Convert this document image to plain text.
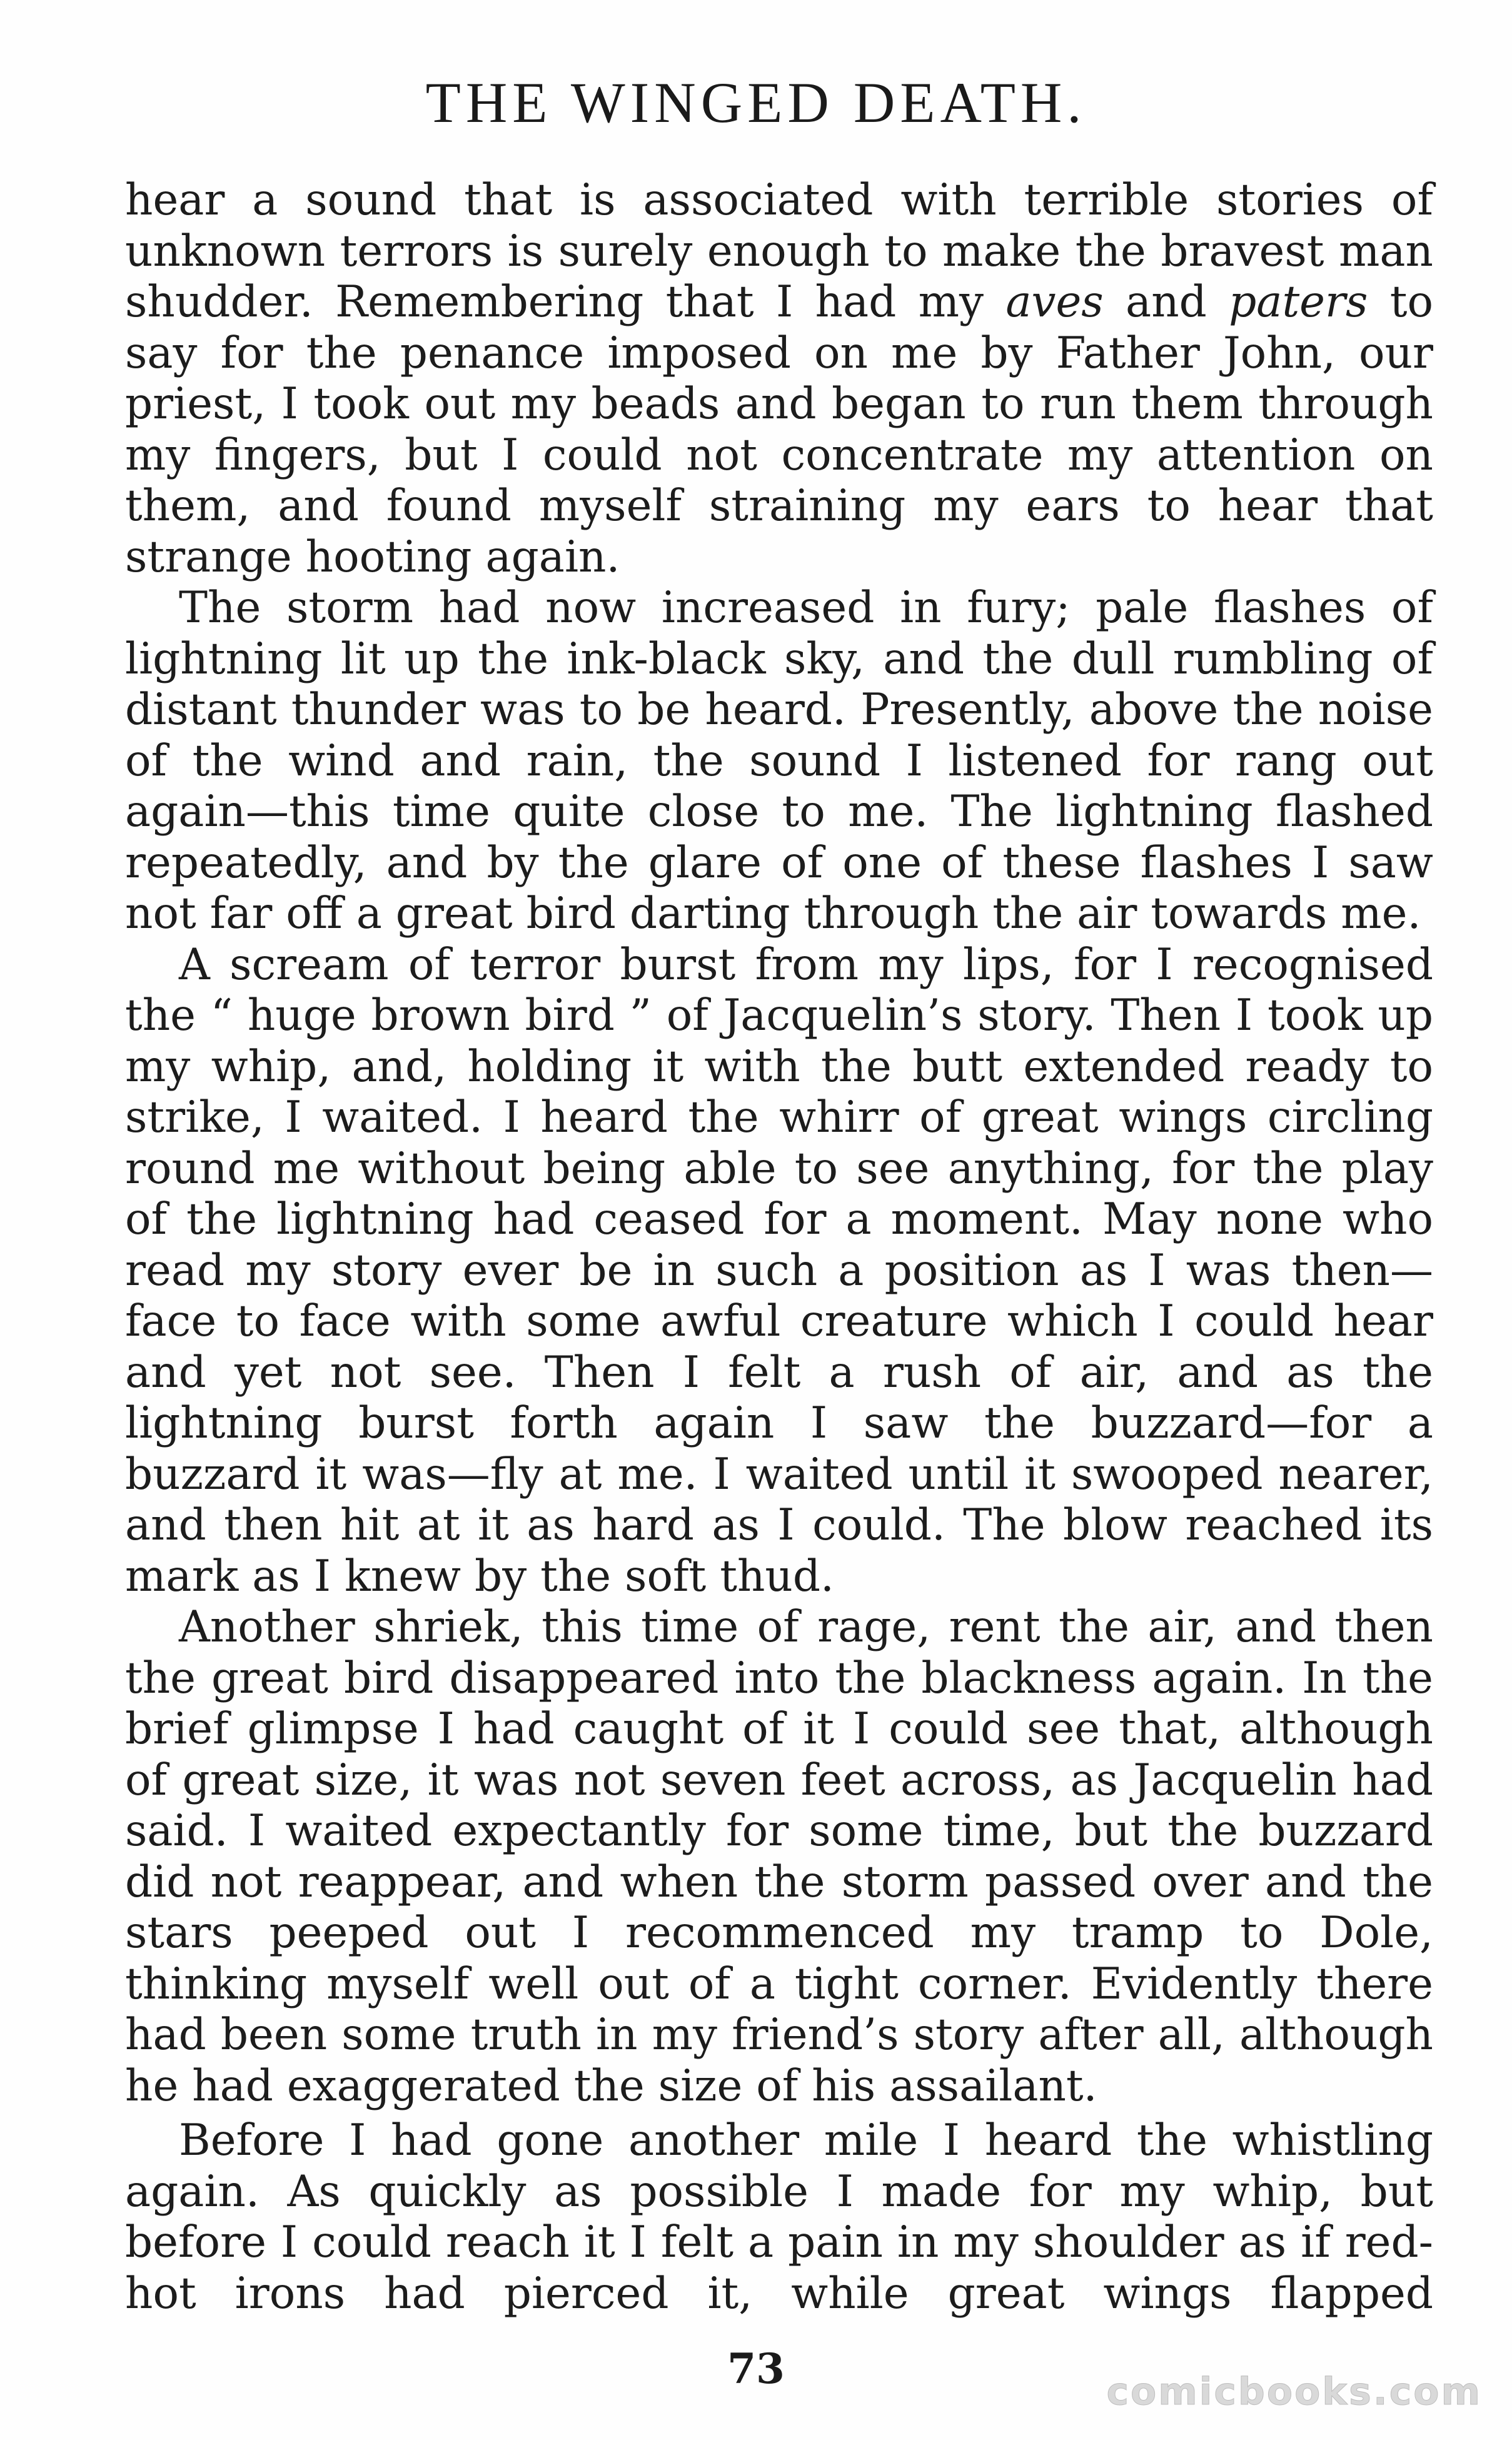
THE WINGED DEATH.

hear a sound that is associated with terrible stories of unknown terrors is surely enough to make the bravest man shudder. Remembering that I had my aves and paters to say for the penance imposed on me by Father John, our priest, I took out my beads and began to run them through my fingers, but I could not concentrate my attention on them, and found myself straining my ears to hear that strange hooting again.

The storm had now increased in fury; pale flashes of lightning lit up the ink-black sky, and the dull rumbling of distant thunder was to be heard. Presently, above the noise of the wind and rain, the sound I listened for rang out again—this time quite close to me. The lightning flashed repeatedly, and by the glare of one of these flashes I saw not far off a great bird darting through the air towards me.

A scream of terror burst from my lips, for I recognised the “ huge brown bird ” of Jacquelin’s story. Then I took up my whip, and, holding it with the butt extended ready to strike, I waited. I heard the whirr of great wings circling round me without being able to see anything, for the play of the lightning had ceased for a moment. May none who read my story ever be in such a position as I was then—face to face with some awful creature which I could hear and yet not see. Then I felt a rush of air, and as the lightning burst forth again I saw the buzzard—for a buzzard it was—fly at me. I waited until it swooped nearer, and then hit at it as hard as I could. The blow reached its mark as I knew by the soft thud.

Another shriek, this time of rage, rent the air, and then the great bird disappeared into the blackness again. In the brief glimpse I had caught of it I could see that, although of great size, it was not seven feet across, as Jacquelin had said. I waited expectantly for some time, but the buzzard did not reappear, and when the storm passed over and the stars peeped out I recommenced my tramp to Dole, thinking myself well out of a tight corner. Evidently there had been some truth in my friend’s story after all, although he had exaggerated the size of his assailant.

Before I had gone another mile I heard the whistling again. As quickly as possible I made for my whip, but before I could reach it I felt a pain in my shoulder as if red-hot irons had pierced it, while great wings flapped

73	comicbooks.com
